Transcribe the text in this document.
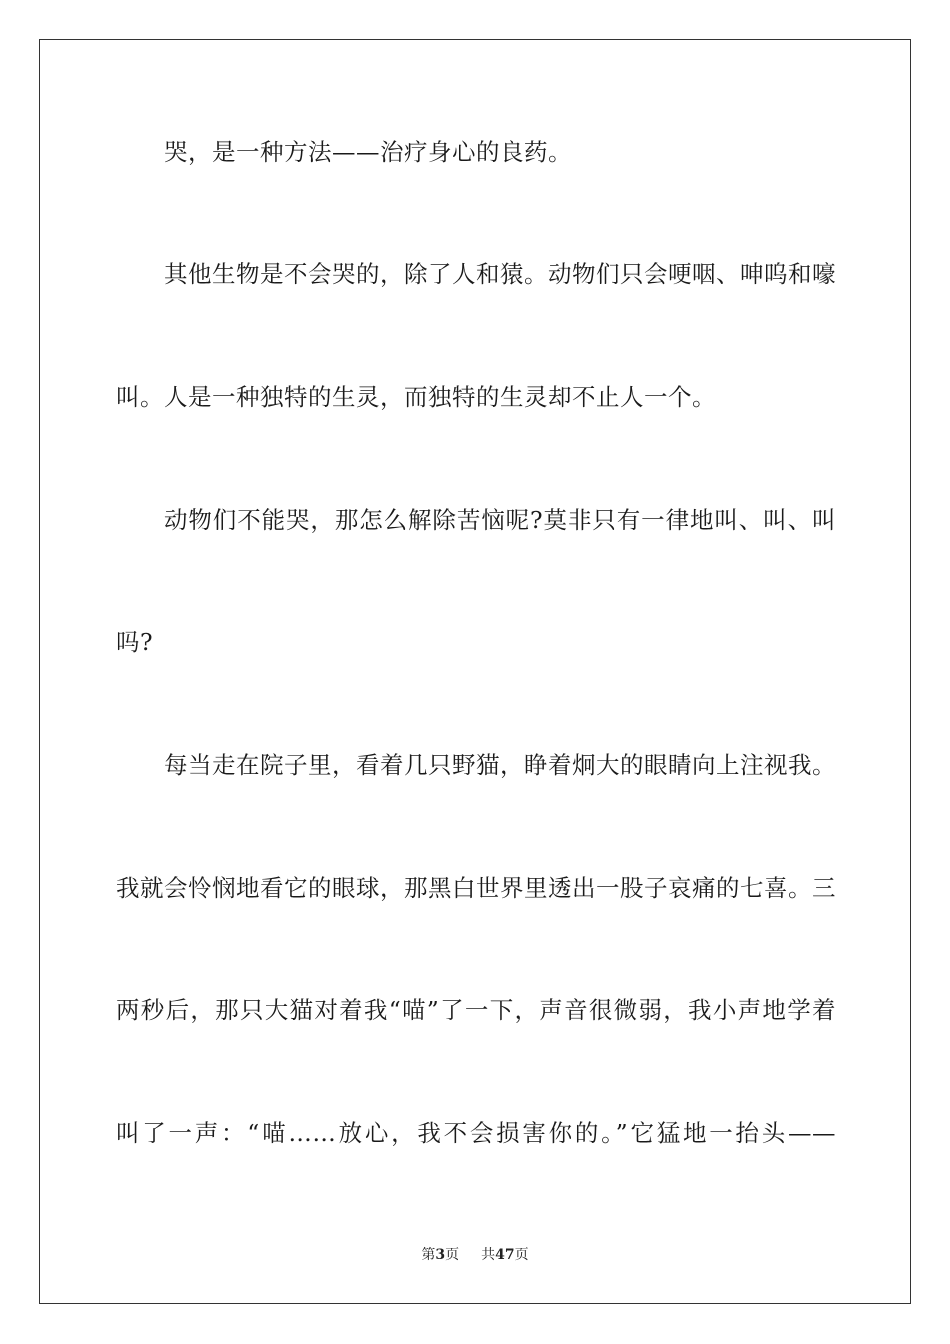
哭，是一种方法——治疗身心的良药。
其他生物是不会哭的，除了人和猿。动物们只会哽咽、呻呜和嚎
叫。人是一种独特的生灵，而独特的生灵却不止人一个。
动物们不能哭，那怎么解除苦恼呢?莫非只有一律地叫、叫、叫
吗?
每当走在院子里，看着几只野猫，睁着炯大的眼睛向上注视我。
我就会怜悯地看它的眼球，那黑白世界里透出一股子哀痛的七喜。三
两秒后，那只大猫对着我“喵”了一下，声音很微弱，我小声地学着
叫了一声：“喵……放心，我不会损害你的。”它猛地一抬头——
第3页 共47页
